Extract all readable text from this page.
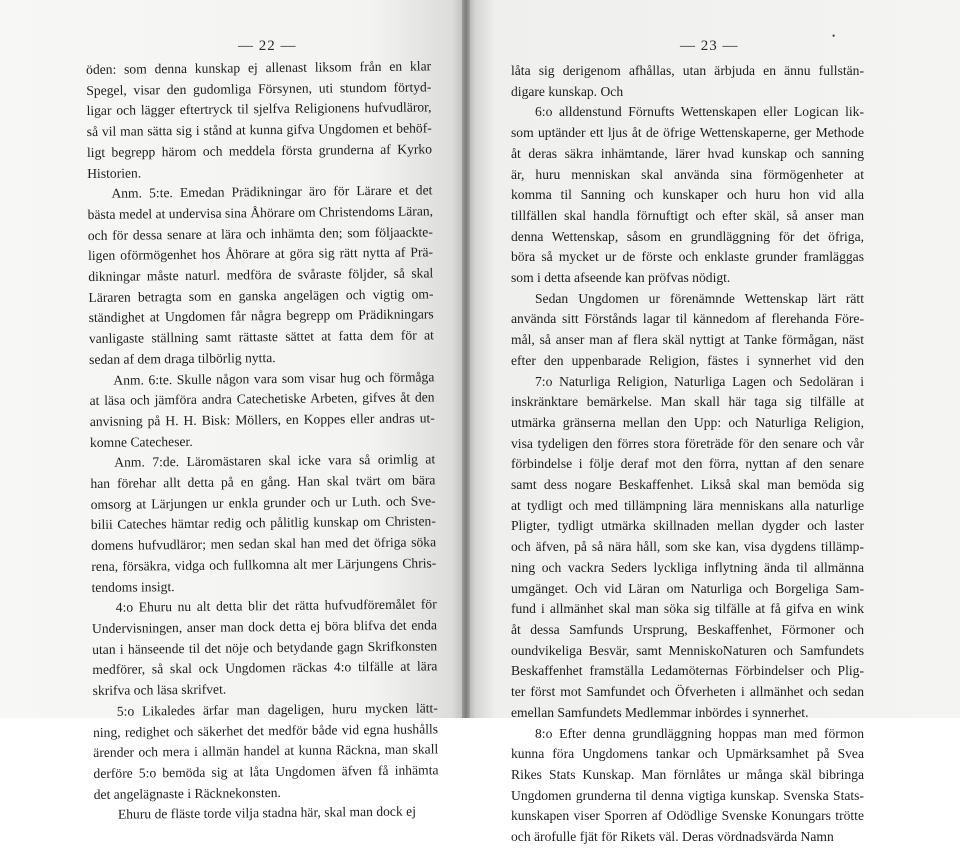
•
— 22 —	— 23 —
öden: som denna kunskap ej allenast liksom från en klar
Spegel, visar den gudomliga Försynen, uti stundom förtyd-
ligar och lägger eftertryck til sjelfva Religionens hufvudläror,
så vil man sätta sig i stånd at kunna gifva Ungdomen et behöf-
ligt begrepp härom och meddela första grunderna af Kyrko
Historien.
Anm. 5:te. Emedan Prädikningar äro för Lärare et det
bästa medel at undervisa sina Åhörare om Christendoms Läran,
och för dessa senare at lära och inhämta den; som följaackte-
ligen oförmögenhet hos Åhörare at göra sig rätt nytta af Prä-
dikningar måste naturl. medföra de svåraste följder, så skal
Läraren betragta som en ganska angelägen och vigtig om-
ständighet at Ungdomen får några begrepp om Prädikningars
vanligaste ställning samt rättaste sättet at fatta dem för at
sedan af dem draga tilbörlig nytta.
Anm. 6:te. Skulle någon vara som visar hug och förmåga
at läsa och jämföra andra Catechetiske Arbeten, gifves åt den
anvisning på H. H. Bisk: Möllers, en Koppes eller andras ut-
komne Catecheser.
Anm. 7:de. Läromästaren skal icke vara så orimlig at
han förehar allt detta på en gång. Han skal tvärt om bära
omsorg at Lärjungen ur enkla grunder och ur Luth. och Sve-
bilii Cateches hämtar redig och pålitlig kunskap om Christen-
domens hufvudläror; men sedan skal han med det öfriga söka
rena, försäkra, vidga och fullkomna alt mer Lärjungens Chris-
tendoms insigt.
4:o Ehuru nu alt detta blir det rätta hufvudföremålet för
Undervisningen, anser man dock detta ej böra blifva det enda
utan i hänseende til det nöje och betydande gagn Skrifkonsten
medförer, så skal ock Ungdomen räckas 4:o tilfälle at lära
skrifva och läsa skrifvet.
5:o Likaledes ärfar man dageligen, huru mycken lätt-
ning, redighet och säkerhet det medför både vid egna hushålls
ärender och mera i allmän handel at kunna Räckna, man skall
derföre 5:o bemöda sig at låta Ungdomen äfven få inhämta
det angelägnaste i Räcknekonsten.
Ehuru de fläste torde vilja stadna här, skal man dock ej
låta sig derigenom afhållas, utan ärbjuda en ännu fullstän-
digare kunskap. Och
6:o alldenstund Förnufts Wettenskapen eller Logican lik-
som uptänder ett ljus åt de öfrige Wettenskaperne, ger Methode
åt deras säkra inhämtande, lärer hvad kunskap och sanning
är, huru menniskan skal använda sina förmögenheter at
komma til Sanning och kunskaper och huru hon vid alla
tillfällen skal handla förnuftigt och efter skäl, så anser man
denna Wettenskap, såsom en grundläggning för det öfriga,
böra så mycket ur de förste och enklaste grunder framläggas
som i detta afseende kan pröfvas nödigt.
Sedan Ungdomen ur förenämnde Wettenskap lärt rätt
använda sitt Förstånds lagar til kännedom af flerehanda Före-
mål, så anser man af flera skäl nyttigt at Tanke förmågan, näst
efter den uppenbarade Religion, fästes i synnerhet vid den
7:o Naturliga Religion, Naturliga Lagen och Sedoläran i
inskränktare bemärkelse. Man skall här taga sig tilfälle at
utmärka gränserna mellan den Upp: och Naturliga Religion,
visa tydeligen den förres stora företräde för den senare och vår
förbindelse i följe deraf mot den förra, nyttan af den senare
samt dess nogare Beskaffenhet. Likså skal man bemöda sig
at tydligt och med tillämpning lära menniskans alla naturlige
Pligter, tydligt utmärka skillnaden mellan dygder och laster
och äfven, på så nära håll, som ske kan, visa dygdens tillämp-
ning och vackra Seders lyckliga inflytning ända til allmänna
umgänget. Och vid Läran om Naturliga och Borgeliga Sam-
fund i allmänhet skal man söka sig tilfälle at få gifva en wink
åt dessa Samfunds Ursprung, Beskaffenhet, Förmoner och
oundvikeliga Besvär, samt MenniskoNaturen och Samfundets
Beskaffenhet framställa Ledamöternas Förbindelser och Plig-
ter först mot Samfundet och Öfverheten i allmänhet och sedan
emellan Samfundets Medlemmar inbördes i synnerhet.
8:o Efter denna grundläggning hoppas man med förmon
kunna föra Ungdomens tankar och Upmärksamhet på Svea
Rikes Stats Kunskap. Man förnlåtes ur många skäl bibringa
Ungdomen grunderna til denna vigtiga kunskap. Svenska Stats-
kunskapen viser Sporren af Odödlige Svenske Konungars trötte
och ärofulle fjät för Rikets väl. Deras vördnadsvärda Namn
